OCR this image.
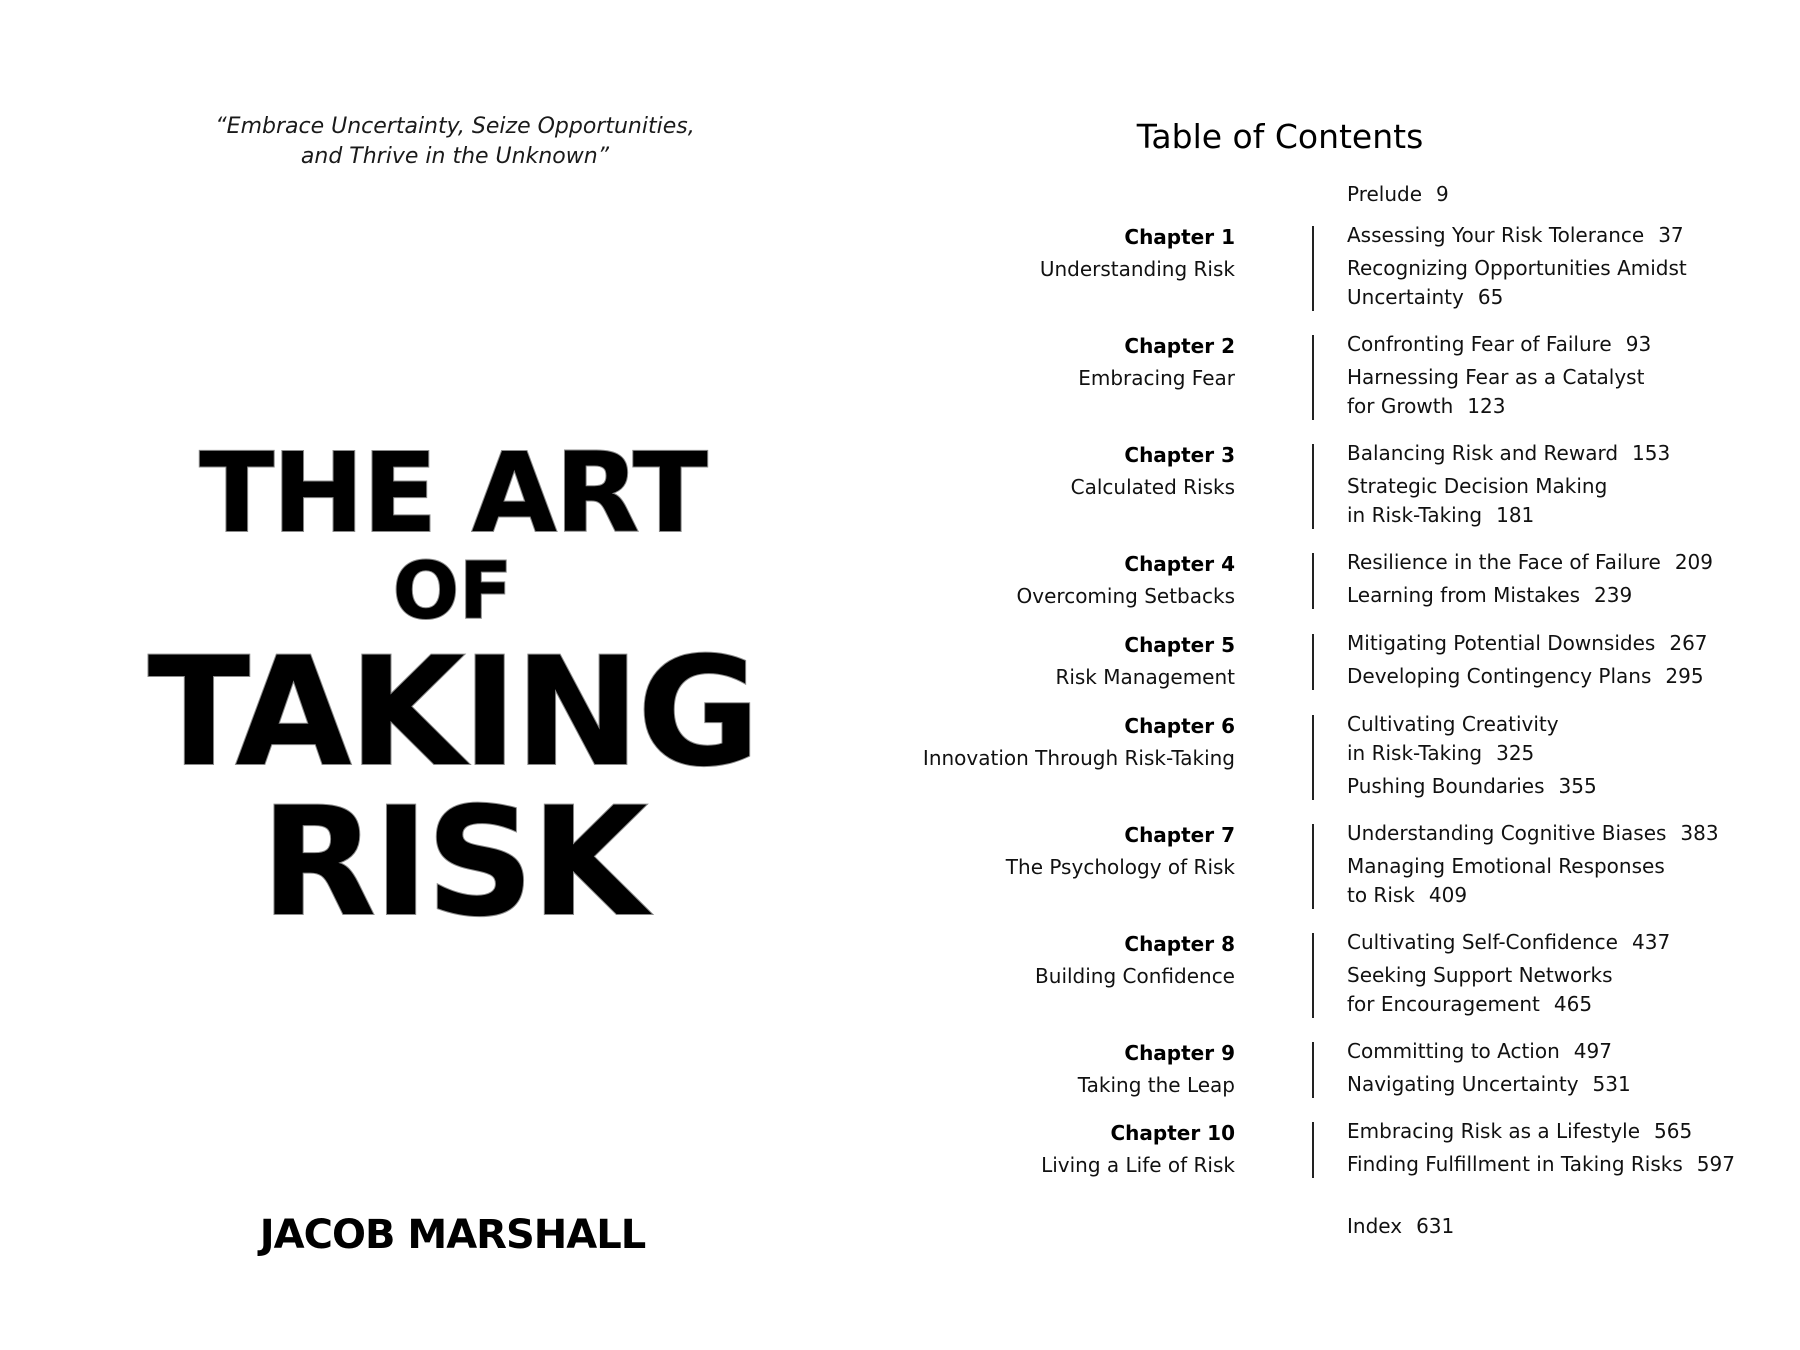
“Embrace Uncertainty, Seize Opportunities,
and Thrive in the Unknown”
THE ART
OF
TAKING
RISK
JACOB MARSHALL
Table of Contents
Prelude 9
Chapter 1
Understanding Risk
Assessing Your Risk Tolerance 37
Recognizing Opportunities Amidst
Uncertainty 65
Chapter 2
Embracing Fear
Confronting Fear of Failure 93
Harnessing Fear as a Catalyst
for Growth 123
Chapter 3
Calculated Risks
Balancing Risk and Reward 153
Strategic Decision Making
in Risk-Taking 181
Chapter 4
Overcoming Setbacks
Resilience in the Face of Failure 209
Learning from Mistakes 239
Chapter 5
Risk Management
Mitigating Potential Downsides 267
Developing Contingency Plans 295
Chapter 6
Innovation Through Risk-Taking
Cultivating Creativity
in Risk-Taking 325
Pushing Boundaries 355
Chapter 7
The Psychology of Risk
Understanding Cognitive Biases 383
Managing Emotional Responses
to Risk 409
Chapter 8
Building Confidence
Cultivating Self-Confidence 437
Seeking Support Networks
for Encouragement 465
Chapter 9
Taking the Leap
Committing to Action 497
Navigating Uncertainty 531
Chapter 10
Living a Life of Risk
Embracing Risk as a Lifestyle 565
Finding Fulfillment in Taking Risks 597
Index 631
